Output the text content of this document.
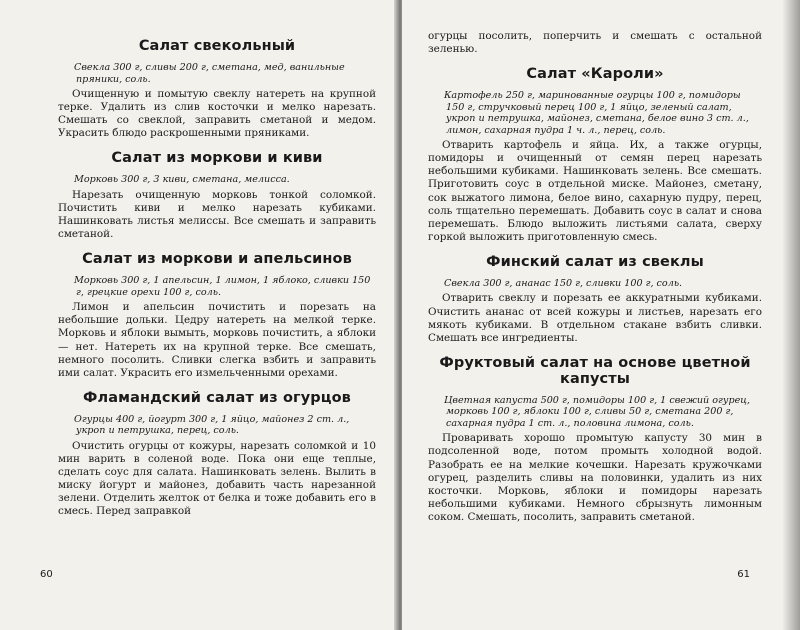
Салат свекольный

Свекла 300 г, сливы 200 г, сметана, мед, ванильные пряники, соль.

Очищенную и помытую свеклу натереть на крупной терке. Удалить из слив косточки и мелко нарезать. Смешать со свеклой, заправить сметаной и медом. Украсить блюдо раскрошенными пряниками.

Салат из моркови и киви

Морковь 300 г, 3 киви, сметана, мелисса.

Нарезать очищенную морковь тонкой соломкой. Почистить киви и мелко нарезать кубиками. Нашинковать листья мелиссы. Все смешать и заправить сметаной.

Салат из моркови и апельсинов

Морковь 300 г, 1 апельсин, 1 лимон, 1 яблоко, сливки 150 г, грецкие орехи 100 г, соль.

Лимон и апельсин почистить и порезать на небольшие дольки. Цедру натереть на мелкой терке. Морковь и яблоки вымыть, морковь почистить, а яблоки — нет. Натереть их на крупной терке. Все смешать, немного посолить. Сливки слегка взбить и заправить ими салат. Украсить его измельченными орехами.

Фламандский салат из огурцов

Огурцы 400 г, йогурт 300 г, 1 яйцо, майонез 2 ст. л., укроп и петрушка, перец, соль.

Очистить огурцы от кожуры, нарезать соломкой и 10 мин варить в соленой воде. Пока они еще теплые, сделать соус для салата. Нашинковать зелень. Вылить в миску йогурт и майонез, добавить часть нарезанной зелени. Отделить желток от белка и тоже добавить его в смесь. Перед заправкой

60

огурцы посолить, поперчить и смешать с остальной зеленью.

Салат «Кароли»

Картофель 250 г, маринованные огурцы 100 г, помидоры 150 г, стручковый перец 100 г, 1 яйцо, зеленый салат, укроп и петрушка, майонез, сметана, белое вино 3 ст. л., лимон, сахарная пудра 1 ч. л., перец, соль.

Отварить картофель и яйца. Их, а также огурцы, помидоры и очищенный от семян перец нарезать небольшими кубиками. Нашинковать зелень. Все смешать. Приготовить соус в отдельной миске. Майонез, сметану, сок выжатого лимона, белое вино, сахарную пудру, перец, соль тщательно перемешать. Добавить соус в салат и снова перемешать. Блюдо выложить листьями салата, сверху горкой выложить приготовленную смесь.

Финский салат из свеклы

Свекла 300 г, ананас 150 г, сливки 100 г, соль.

Отварить свеклу и порезать ее аккуратными кубиками. Очистить ананас от всей кожуры и листьев, нарезать его мякоть кубиками. В отдельном стакане взбить сливки. Смешать все ингредиенты.

Фруктовый салат на основе цветной капусты

Цветная капуста 500 г, помидоры 100 г, 1 свежий огурец, морковь 100 г, яблоки 100 г, сливы 50 г, сметана 200 г, сахарная пудра 1 ст. л., половина лимона, соль.

Проваривать хорошо промытую капусту 30 мин в подсоленной воде, потом промыть холодной водой. Разобрать ее на мелкие кочешки. Нарезать кружочками огурец, разделить сливы на половинки, удалить из них косточки. Морковь, яблоки и помидоры нарезать небольшими кубиками. Немного сбрызнуть лимонным соком. Смешать, посолить, заправить сметаной.

61
